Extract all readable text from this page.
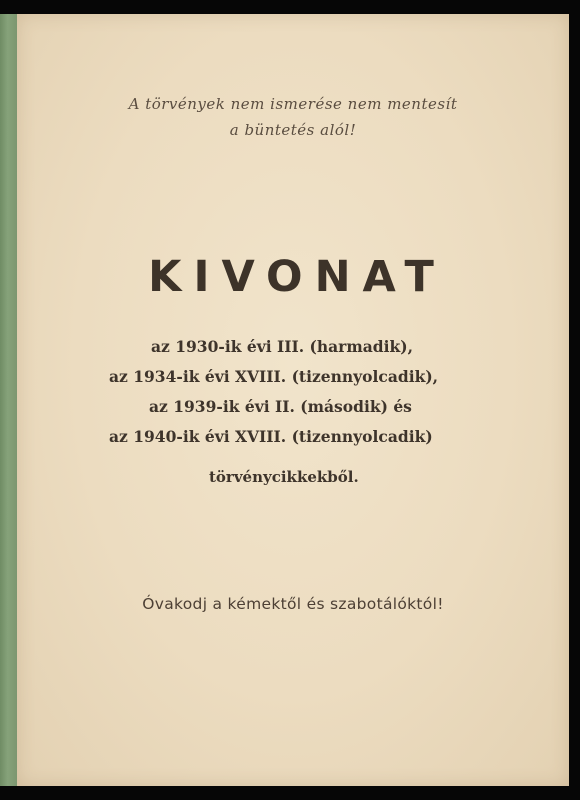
A törvények nem ismerése nem mentesít
a büntetés alól!
KIVONAT
az 1930-ik évi III. (harmadik),
az 1934-ik évi XVIII. (tizennyolcadik),
az 1939-ik évi II. (második) és
az 1940-ik évi XVIII. (tizennyolcadik)
törvénycikkekből.
Óvakodj a kémektől és szabotálóktól!
